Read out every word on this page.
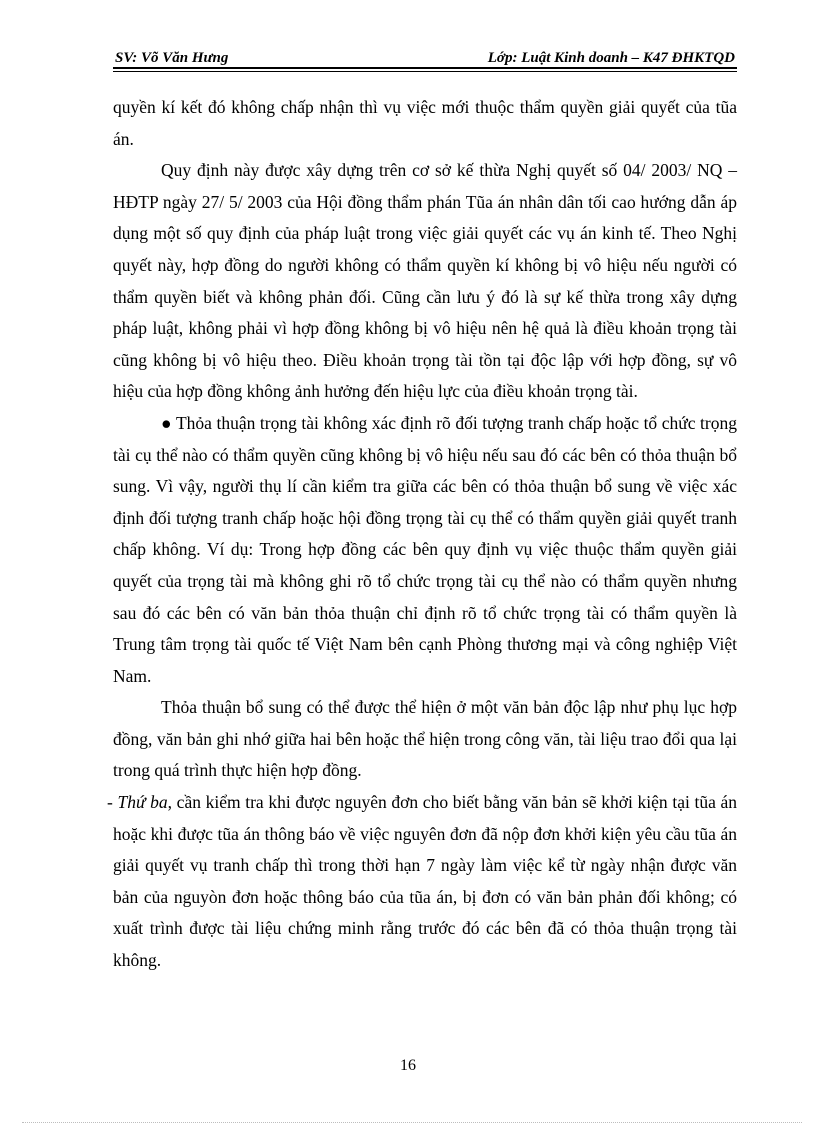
SV: Võ Văn Hưng	Lớp: Luật Kinh doanh – K47 ĐHKTQD

quyền kí kết đó không chấp nhận thì vụ việc mới thuộc thẩm quyền giải quyết của tũa án.

Quy định này được xây dựng trên cơ sở kế thừa Nghị quyết số 04/ 2003/ NQ – HĐTP ngày 27/ 5/ 2003 của Hội đồng thẩm phán Tũa án nhân dân tối cao hướng dẫn áp dụng một số quy định của pháp luật trong việc giải quyết các vụ án kinh tế. Theo Nghị quyết này, hợp đồng do người không có thẩm quyền kí không bị vô hiệu nếu người có thẩm quyền biết và không phản đối. Cũng cần lưu ý đó là sự kế thừa trong xây dựng pháp luật, không phải vì hợp đồng không bị vô hiệu nên hệ quả là điều khoản trọng tài cũng không bị vô hiệu theo. Điều khoản trọng tài tồn tại độc lập với hợp đồng, sự vô hiệu của hợp đồng không ảnh hưởng đến hiệu lực của điều khoản trọng tài.

● Thỏa thuận trọng tài không xác định rõ đối tượng tranh chấp hoặc tổ chức trọng tài cụ thể nào có thẩm quyền cũng không bị vô hiệu nếu sau đó các bên có thỏa thuận bổ sung. Vì vậy, người thụ lí cần kiểm tra giữa các bên có thỏa thuận bổ sung về việc xác định đối tượng tranh chấp hoặc hội đồng trọng tài cụ thể có thẩm quyền giải quyết tranh chấp không. Ví dụ: Trong hợp đồng các bên quy định vụ việc thuộc thẩm quyền giải quyết của trọng tài mà không ghi rõ tổ chức trọng tài cụ thể nào có thẩm quyền nhưng sau đó các bên có văn bản thỏa thuận chỉ định rõ tổ chức trọng tài có thẩm quyền là Trung tâm trọng tài quốc tế Việt Nam bên cạnh Phòng thương mại và công nghiệp Việt Nam.

Thỏa thuận bổ sung có thể được thể hiện ở một văn bản độc lập như phụ lục hợp đồng, văn bản ghi nhớ giữa hai bên hoặc thể hiện trong công văn, tài liệu trao đổi qua lại trong quá trình thực hiện hợp đồng.

- Thứ ba, cần kiểm tra khi được nguyên đơn cho biết bằng văn bản sẽ khởi kiện tại tũa án hoặc khi được tũa án thông báo về việc nguyên đơn đã nộp đơn khởi kiện yêu cầu tũa án giải quyết vụ tranh chấp thì trong thời hạn 7 ngày làm việc kể từ ngày nhận được văn bản của nguyòn đơn hoặc thông báo của tũa án, bị đơn có văn bản phản đối không; có xuất trình được tài liệu chứng minh rằng trước đó các bên đã có thỏa thuận trọng tài không.

16
